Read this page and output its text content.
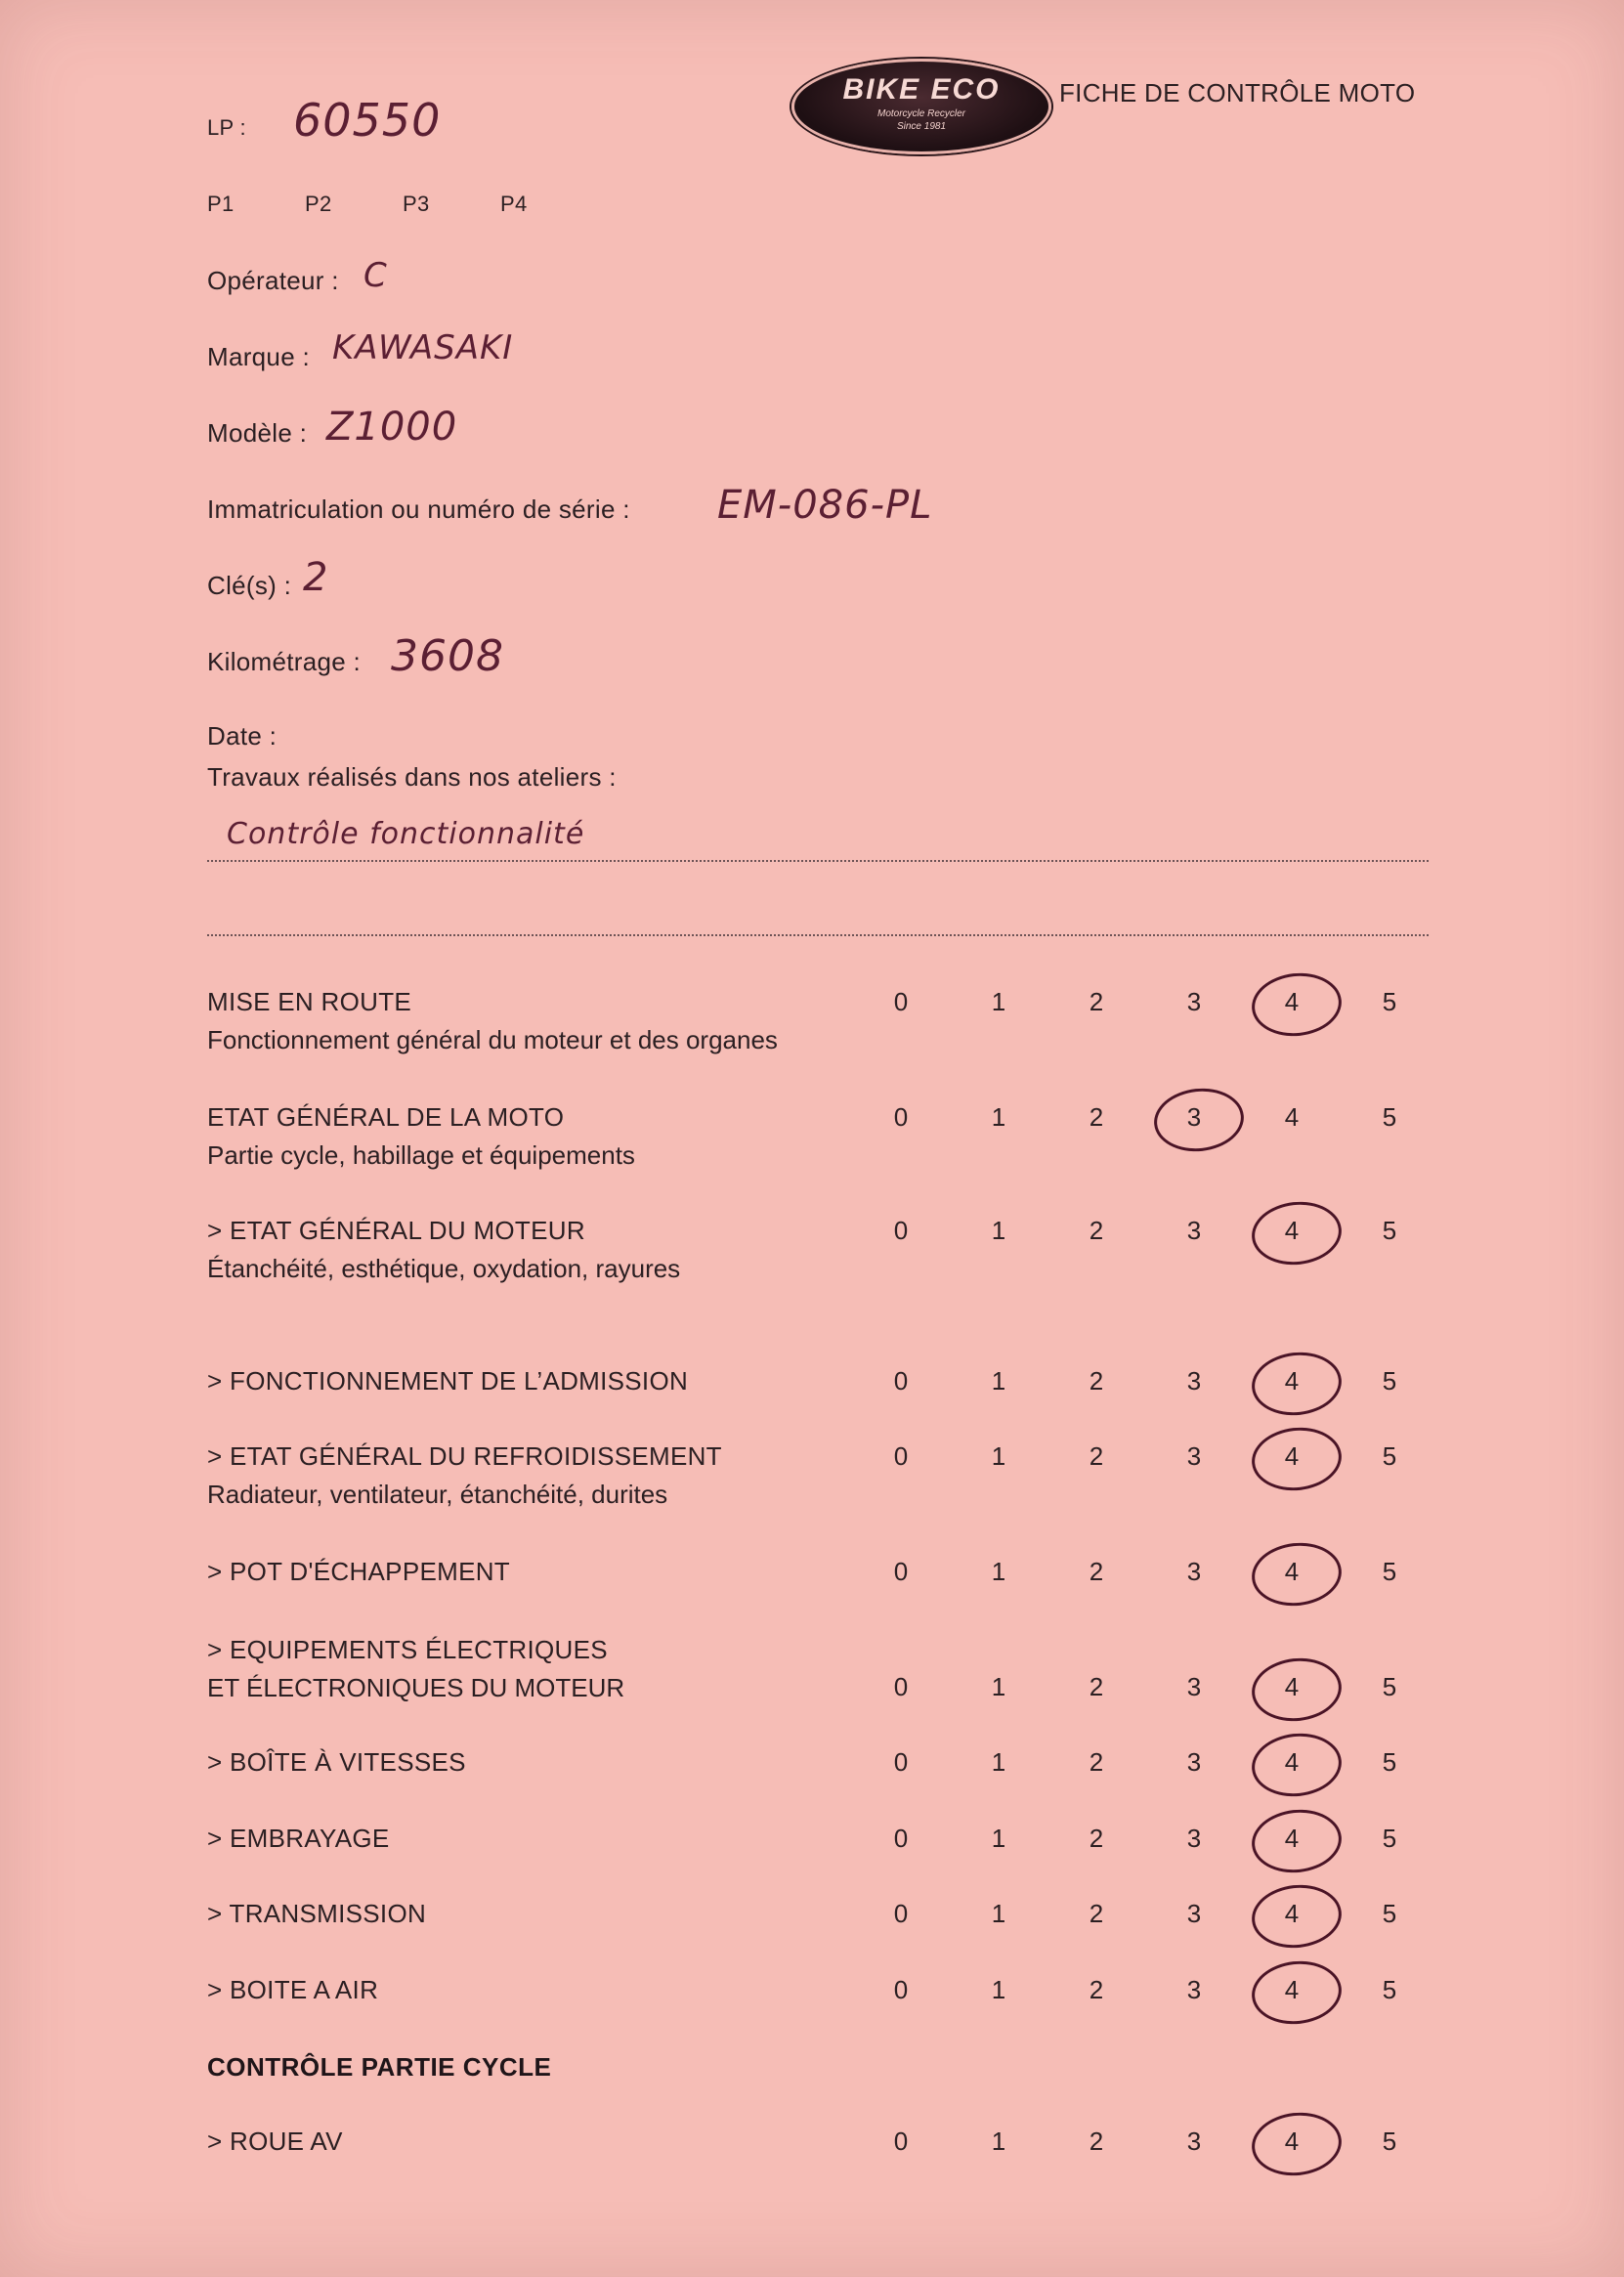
BIKE ECO
Motorcycle Recycler
Since 1981
FICHE DE CONTRÔLE MOTO
LP : 60550
P1	P2	P3	P4
Opérateur : C
Marque : KAWASAKI
Modèle : Z1000
Immatriculation ou numéro de série : EM-086-PL
Clé(s) : 2
Kilométrage : 3608
Date :
Travaux réalisés dans nos ateliers :
Contrôle fonctionnalité
MISE EN ROUTE
Fonctionnement général du moteur et des organes
0	1	2	3	4	5
ETAT GÉNÉRAL DE LA MOTO
Partie cycle, habillage et équipements
0	1	2	3	4	5
> ETAT GÉNÉRAL DU MOTEUR
Étanchéité, esthétique, oxydation, rayures
0	1	2	3	4	5
> FONCTIONNEMENT DE L’ADMISSION	0	1	2	3	4	5
> ETAT GÉNÉRAL DU REFROIDISSEMENT
Radiateur, ventilateur, étanchéité, durites
0	1	2	3	4	5
> POT D'ÉCHAPPEMENT	0	1	2	3	4	5
> EQUIPEMENTS ÉLECTRIQUES
ET ÉLECTRONIQUES DU MOTEUR	0	1	2	3	4	5
> BOÎTE À VITESSES	0	1	2	3	4	5
> EMBRAYAGE	0	1	2	3	4	5
> TRANSMISSION	0	1	2	3	4	5
> BOITE A AIR	0	1	2	3	4	5
CONTRÔLE PARTIE CYCLE
> ROUE AV	0	1	2	3	4	5
